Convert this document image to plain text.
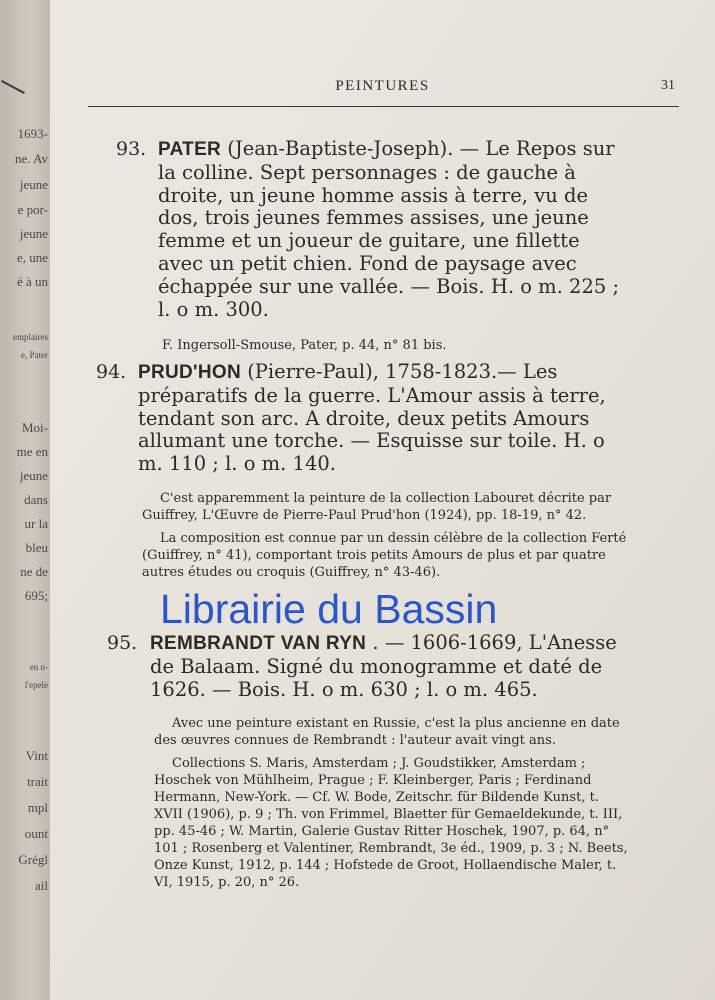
1693-
ne. Av
jeune
e por-
jeune
e, une
é à un
emplaires
e, Pater
Moi-
me en
jeune
dans
ur la
bleu
ne de
695;
en n-
l'epele
Vint
trait
mpl
ount
Grégl
ail
PEINTURES	31
93. PATER (Jean-Baptiste-Joseph). — Le Repos sur la colline. Sept personnages : de gauche à droite, un jeune homme assis à terre, vu de dos, trois jeunes femmes assises, une jeune femme et un joueur de guitare, une fillette avec un petit chien. Fond de paysage avec échappée sur une vallée. — Bois. H. o m. 225 ; l. o m. 300.
F. Ingersoll-Smouse, Pater, p. 44, n° 81 bis.
94. PRUD'HON (Pierre-Paul), 1758-1823.— Les préparatifs de la guerre. L'Amour assis à terre, tendant son arc. A droite, deux petits Amours allumant une torche. — Esquisse sur toile. H. o m. 110 ; l. o m. 140.

C'est apparemment la peinture de la collection Labouret décrite par Guiffrey, L'Œuvre de Pierre-Paul Prud'hon (1924), pp. 18-19, n° 42.

La composition est connue par un dessin célèbre de la collection Ferté (Guiffrey, n° 41), comportant trois petits Amours de plus et par quatre autres études ou croquis (Guiffrey, n° 43-46).

95. REMBRANDT VAN RYN . — 1606-1669, L'Anesse de Balaam. Signé du monogramme et daté de 1626. — Bois. H. o m. 630 ; l. o m. 465.

Avec une peinture existant en Russie, c'est la plus ancienne en date des œuvres connues de Rembrandt : l'auteur avait vingt ans.

Collections S. Maris, Amsterdam ; J. Goudstikker, Amsterdam ; Hoschek von Mühlheim, Prague ; F. Kleinberger, Paris ; Ferdinand Hermann, New-York. — Cf. W. Bode, Zeitschr. für Bildende Kunst, t. XVII (1906), p. 9 ; Th. von Frimmel, Blaetter für Gemaeldekunde, t. III, pp. 45-46 ; W. Martin, Galerie Gustav Ritter Hoschek, 1907, p. 64, n° 101 ; Rosenberg et Valentiner, Rembrandt, 3e éd., 1909, p. 3 ; N. Beets, Onze Kunst, 1912, p. 144 ; Hofstede de Groot, Hollaendische Maler, t. VI, 1915, p. 20, n° 26.

Librairie du Bassin
